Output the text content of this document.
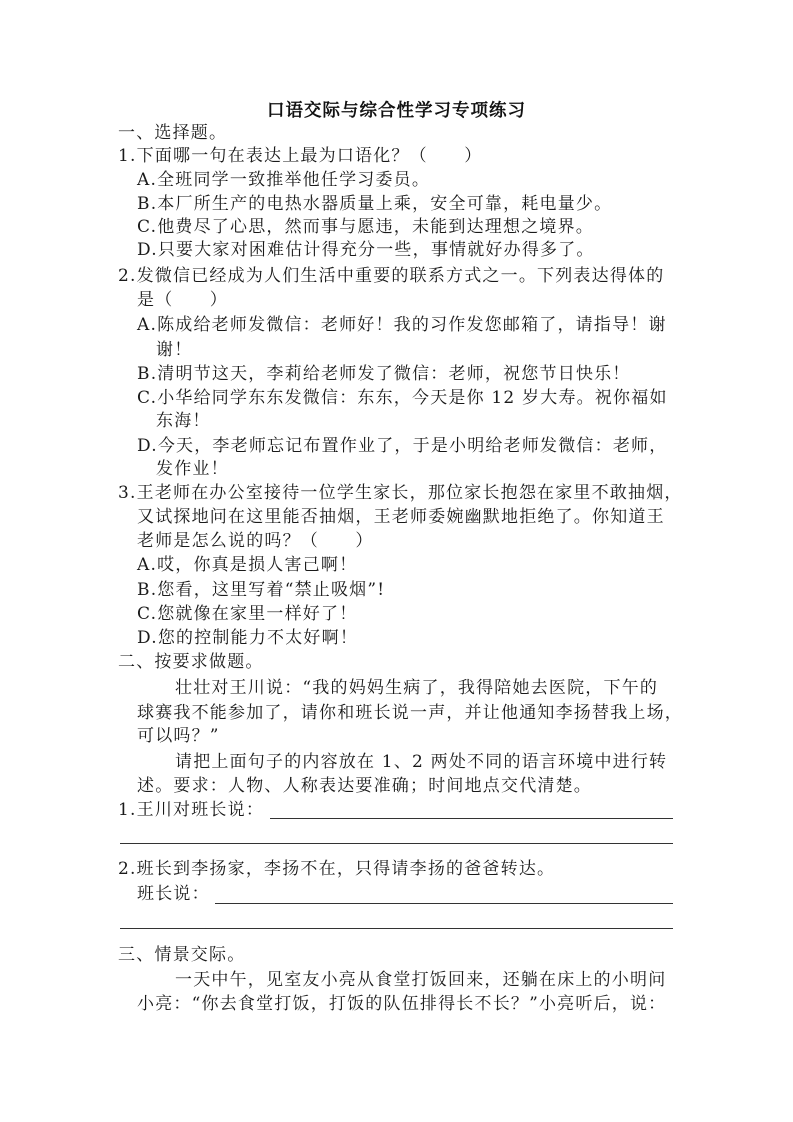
口语交际与综合性学习专项练习
一、选择题。
1.下面哪一句在表达上最为口语化？（　　）
A.全班同学一致推举他任学习委员。
B.本厂所生产的电热水器质量上乘，安全可靠，耗电量少。
C.他费尽了心思，然而事与愿违，未能到达理想之境界。
D.只要大家对困难估计得充分一些，事情就好办得多了。
2.发微信已经成为人们生活中重要的联系方式之一。下列表达得体的
是（　　）
A.陈成给老师发微信：老师好！我的习作发您邮箱了，请指导！谢
谢！
B.清明节这天，李莉给老师发了微信：老师，祝您节日快乐！
C.小华给同学东东发微信：东东，今天是你 12 岁大寿。祝你福如
东海！
D.今天，李老师忘记布置作业了，于是小明给老师发微信：老师，
发作业！
3.王老师在办公室接待一位学生家长，那位家长抱怨在家里不敢抽烟，
又试探地问在这里能否抽烟，王老师委婉幽默地拒绝了。你知道王
老师是怎么说的吗？（　　）
A.哎，你真是损人害己啊！
B.您看，这里写着“禁止吸烟”!
C.您就像在家里一样好了！
D.您的控制能力不太好啊！
二、按要求做题。
壮壮对王川说：“我的妈妈生病了，我得陪她去医院，下午的
球赛我不能参加了，请你和班长说一声，并让他通知李扬替我上场，
可以吗？”
请把上面句子的内容放在 1、2 两处不同的语言环境中进行转
述。要求：人物、人称表达要准确；时间地点交代清楚。
1.王川对班长说：
2.班长到李扬家，李扬不在，只得请李扬的爸爸转达。
班长说：
三、情景交际。
一天中午，见室友小亮从食堂打饭回来，还躺在床上的小明问
小亮：“你去食堂打饭，打饭的队伍排得长不长？”小亮听后，说：
